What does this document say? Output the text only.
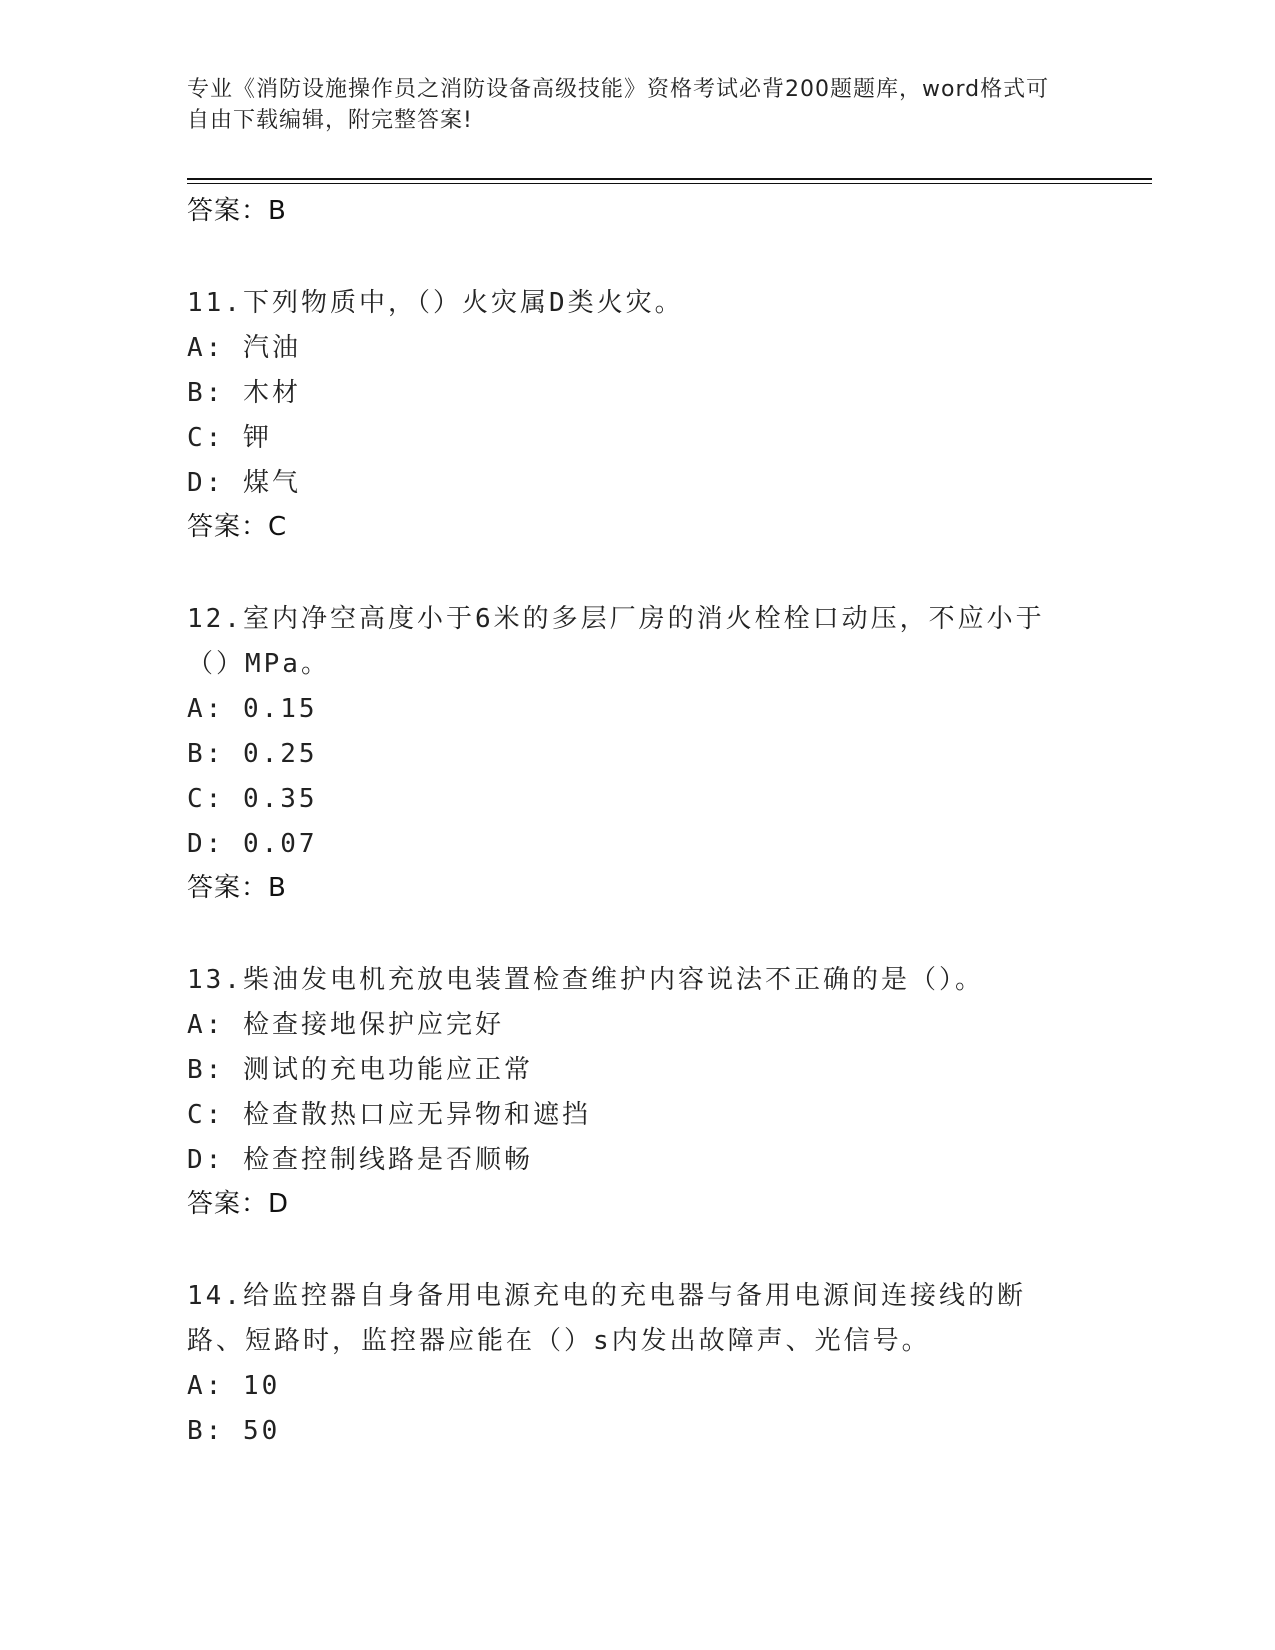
专业《消防设施操作员之消防设备高级技能》资格考试必背200题题库，word格式可自由下载编辑，附完整答案!
答案：B
11.下列物质中，（）火灾属D类火灾。
A: 汽油
B: 木材
C: 钾
D: 煤气
答案：C
12.室内净空高度小于6米的多层厂房的消火栓栓口动压，不应小于（）MPa。
A: 0.15
B: 0.25
C: 0.35
D: 0.07
答案：B
13.柴油发电机充放电装置检查维护内容说法不正确的是（）。
A: 检查接地保护应完好
B: 测试的充电功能应正常
C: 检查散热口应无异物和遮挡
D: 检查控制线路是否顺畅
答案：D
14.给监控器自身备用电源充电的充电器与备用电源间连接线的断路、短路时，监控器应能在（）s内发出故障声、光信号。
A: 10
B: 50
